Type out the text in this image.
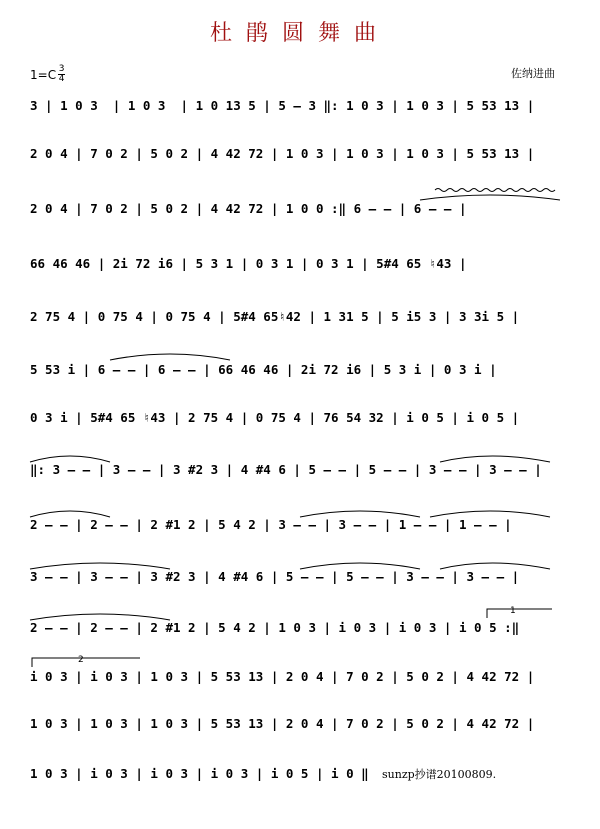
杜鹃圆舞曲
$1=C \frac{3}{4}$	佐纳进曲
3 | 1 0 3  | 1 0 3  | 1 0 13 5 | 5 – 3 ‖: 1 0 3 | 1 0 3 | 5 53 13 |
2 0 4 | 7 0 2 | 5 0 2 | 4 42 72 | 1 0 3 | 1 0 3 | 1 0 3 | 5 53 13 |
2 0 4 | 7 0 2 | 5 0 2 | 4 42 72 | 1 0 0 :‖ 6 – – | 6 – – |
66 46 46 | 2i 72 i6 | 5 3 1 | 0 3 1 | 0 3 1 | 5#4 65 ♮43 |
2 75 4 | 0 75 4 | 0 75 4 | 5#4 65♮42 | 1 31 5 | 5 i5 3 | 3 3i 5 |
5 53 i | 6 – – | 6 – – | 66 46 46 | 2i 72 i6 | 5 3 i | 0 3 i |
0 3 i | 5#4 65 ♮43 | 2 75 4 | 0 75 4 | 76 54 32 | i 0 5 | i 0 5 |
‖: 3 – – | 3 – – | 3 #2 3 | 4 #4 6 | 5 – – | 5 – – | 3 – – | 3 – – |
2 – – | 2 – – | 2 #1 2 | 5 4 2 | 3 – – | 3 – – | 1 – – | 1 – – |
3 – – | 3 – – | 3 #2 3 | 4 #4 6 | 5 – – | 5 – – | 3 – – | 3 – – |
2 – – | 2 – – | 2 #1 2 | 5 4 2 | 1 0 3 | i 0 3 | i 0 3 | i 0 5 :‖
i 0 3 | i 0 3 | 1 0 3 | 5 53 13 | 2 0 4 | 7 0 2 | 5 0 2 | 4 42 72 |
1 0 3 | 1 0 3 | 1 0 3 | 5 53 13 | 2 0 4 | 7 0 2 | 5 0 2 | 4 42 72 |
1 0 3 | i 0 3 | i 0 3 | i 0 3 | i 0 5 | i 0 ‖
1
2
sunzp抄谱20100809.
